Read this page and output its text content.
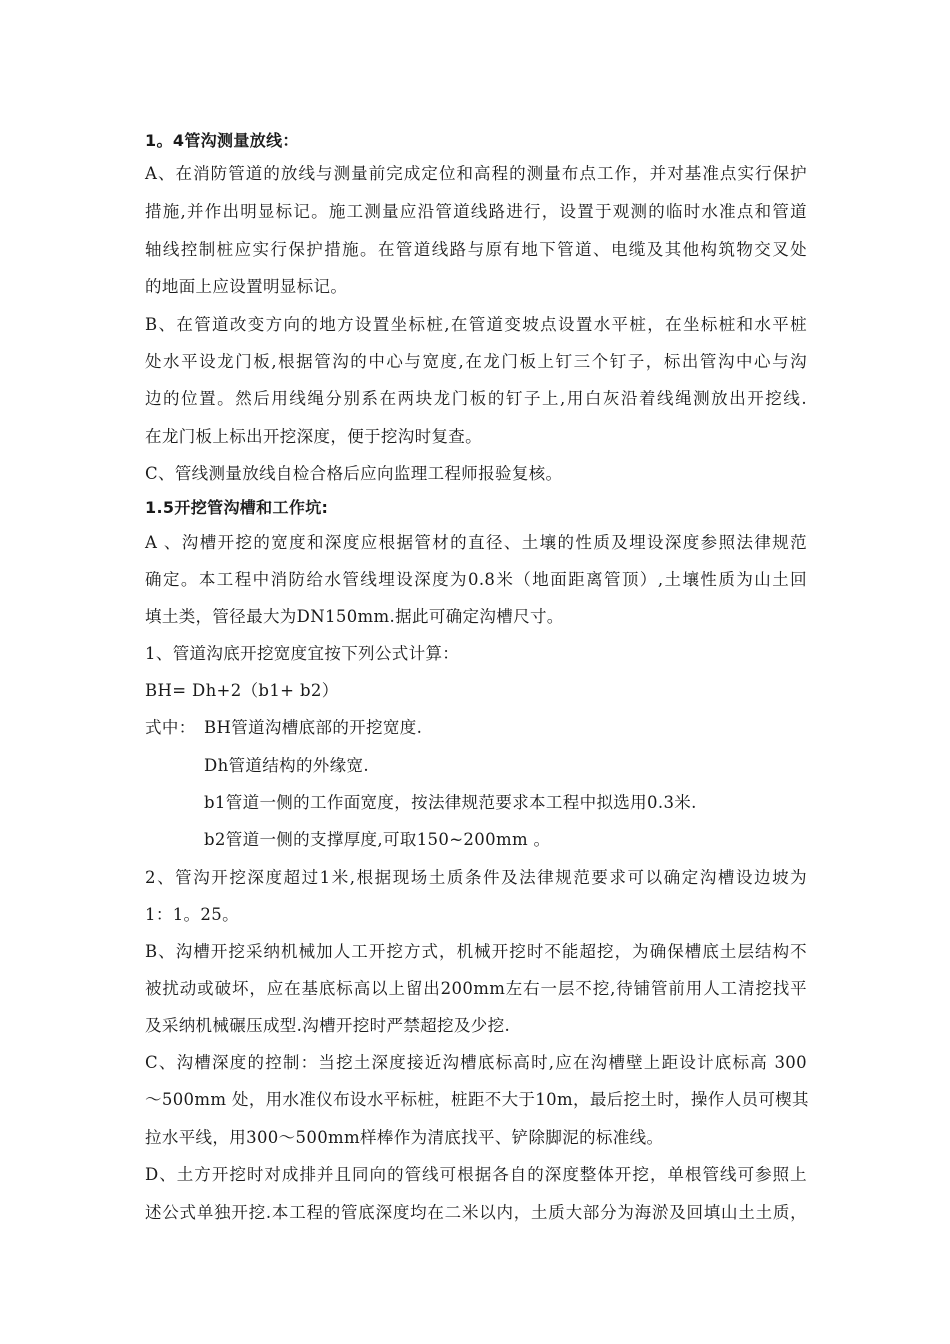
1。4管沟测量放线：
A、在消防管道的放线与测量前完成定位和高程的测量布点工作，并对基准点实行保护
措施,并作出明显标记。施工测量应沿管道线路进行，设置于观测的临时水准点和管道
轴线控制桩应实行保护措施。在管道线路与原有地下管道、电缆及其他构筑物交叉处
的地面上应设置明显标记。
B、在管道改变方向的地方设置坐标桩,在管道变坡点设置水平桩，在坐标桩和水平桩
处水平设龙门板,根据管沟的中心与宽度,在龙门板上钉三个钉子，标出管沟中心与沟
边的位置。然后用线绳分别系在两块龙门板的钉子上,用白灰沿着线绳测放出开挖线.
在龙门板上标出开挖深度，便于挖沟时复查。
C、管线测量放线自检合格后应向监理工程师报验复核。
1.5开挖管沟槽和工作坑:
A 、沟槽开挖的宽度和深度应根据管材的直径、土壤的性质及埋设深度参照法律规范
确定。本工程中消防给水管线埋设深度为0.8米（地面距离管顶）,土壤性质为山土回
填土类，管径最大为DN150mm.据此可确定沟槽尺寸。
1、管道沟底开挖宽度宜按下列公式计算：
BH= Dh+2（b1+ b2）
式中： BH管道沟槽底部的开挖宽度.
Dh管道结构的外缘宽.
b1管道一侧的工作面宽度，按法律规范要求本工程中拟选用0.3米.
b2管道一侧的支撑厚度,可取150~200mm 。
2、管沟开挖深度超过1米,根据现场土质条件及法律规范要求可以确定沟槽设边坡为
1：1。25。
B、沟槽开挖采纳机械加人工开挖方式，机械开挖时不能超挖，为确保槽底土层结构不
被扰动或破坏，应在基底标高以上留出200mm左右一层不挖,待铺管前用人工清挖找平
及采纳机械碾压成型.沟槽开挖时严禁超挖及少挖.
C、沟槽深度的控制：当挖土深度接近沟槽底标高时,应在沟槽壁上距设计底标高 300
～500mm 处，用水准仪布设水平标桩，桩距不大于10m，最后挖土时，操作人员可楔其
拉水平线，用300～500mm样棒作为清底找平、铲除脚泥的标准线。
D、土方开挖时对成排并且同向的管线可根据各自的深度整体开挖，单根管线可参照上
述公式单独开挖.本工程的管底深度均在二米以内，土质大部分为海淤及回填山土土质，
